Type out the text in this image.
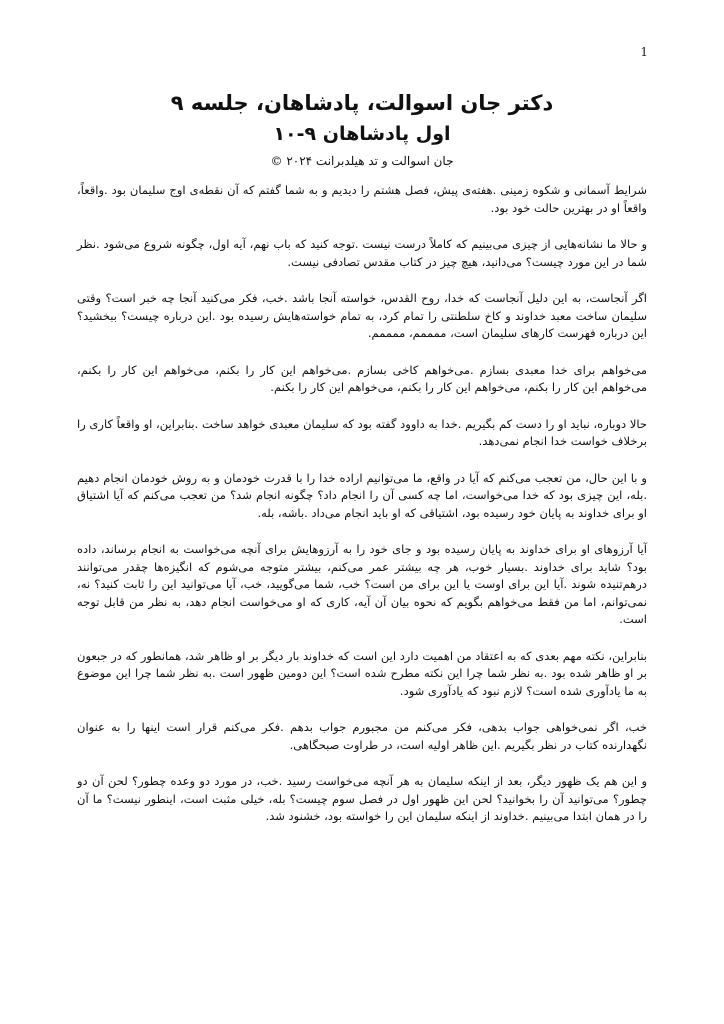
1
دکتر جان اسوالت، پادشاهان، جلسه ۹
اول پادشاهان ۹-۱۰

جان اسوالت و تد هیلدبرانت ۲۰۲۴ ©

شرایط آسمانی و شکوه زمینی .هفته‌ی پیش، فصل هشتم را دیدیم و به شما گفتم که آن نقطه‌ی اوج سلیمان بود .واقعاً، واقعاً او در بهترین حالت خود بود.

و حالا ما نشانه‌هایی از چیزی می‌بینیم که کاملاً درست نیست .توجه کنید که باب نهم، آیه اول، چگونه شروع می‌شود .نظر شما در این مورد چیست؟ می‌دانید، هیچ چیز در کتاب مقدس تصادفی نیست.

اگر آنجاست، به این دلیل آنجاست که خدا، روح القدس، خواسته آنجا باشد .خب، فکر می‌کنید آنجا چه خبر است؟ وقتی سلیمان ساخت معبد خداوند و کاخ سلطنتی را تمام کرد، به تمام خواسته‌هایش رسیده بود .این درباره چیست؟ ببخشید؟ این درباره فهرست کارهای سلیمان است، ممممم، ممممم.

می‌خواهم برای خدا معبدی بسازم .می‌خواهم کاخی بسازم .می‌خواهم این کار را بکنم، می‌خواهم این کار را بکنم، می‌خواهم این کار را بکنم، می‌خواهم این کار را بکنم، می‌خواهم این کار را بکنم.

حالا دوباره، نباید او را دست کم بگیریم .خدا به داوود گفته بود که سلیمان معبدی خواهد ساخت .بنابراین، او واقعاً کاری را برخلاف خواست خدا انجام نمی‌دهد.

و با این حال، من تعجب می‌کنم که آیا در واقع، ما می‌توانیم اراده خدا را با قدرت خودمان و به روش خودمان انجام دهیم .بله، این چیزی بود که خدا می‌خواست، اما چه کسی آن را انجام داد؟ چگونه انجام شد؟ من تعجب می‌کنم که آیا اشتیاق او برای خداوند به پایان خود رسیده بود، اشتیاقی که او باید انجام می‌داد .باشه، بله.

آیا آرزوهای او برای خداوند به پایان رسیده بود و جای خود را به آرزوهایش برای آنچه می‌خواست به انجام برساند، داده بود؟ شاید برای خداوند .بسیار خوب، هر چه بیشتر عمر می‌کنم، بیشتر متوجه می‌شوم که انگیزه‌ها چقدر می‌توانند درهم‌تنیده شوند .آیا این برای اوست یا این برای من است؟ خب، شما می‌گویید، خب، آیا می‌توانید این را ثابت کنید؟ نه، نمی‌توانم، اما من فقط می‌خواهم بگویم که نحوه بیان آن آیه، کاری که او می‌خواست انجام دهد، به نظر من قابل توجه است.

بنابراین، نکته مهم بعدی که به اعتقاد من اهمیت دارد این است که خداوند بار دیگر بر او ظاهر شد، همانطور که در جبعون بر او ظاهر شده بود .به نظر شما چرا این نکته مطرح شده است؟ این دومین ظهور است .به نظر شما چرا این موضوع به ما یادآوری شده است؟ لازم نبود که یادآوری شود.

خب، اگر نمی‌خواهی جواب بدهی، فکر می‌کنم من مجبورم جواب بدهم .فکر می‌کنم قرار است اینها را به عنوان نگهدارنده کتاب در نظر بگیریم .این ظاهر اولیه است، در طراوت صبحگاهی.

و این هم یک ظهور دیگر، بعد از اینکه سلیمان به هر آنچه می‌خواست رسید .خب، در مورد دو وعده چطور؟ لحن آن دو چطور؟ می‌توانید آن را بخوانید؟ لحن این ظهور اول در فصل سوم چیست؟ بله، خیلی مثبت است، اینطور نیست؟ ما آن را در همان ابتدا می‌بینیم .خداوند از اینکه سلیمان این را خواسته بود، خشنود شد.
